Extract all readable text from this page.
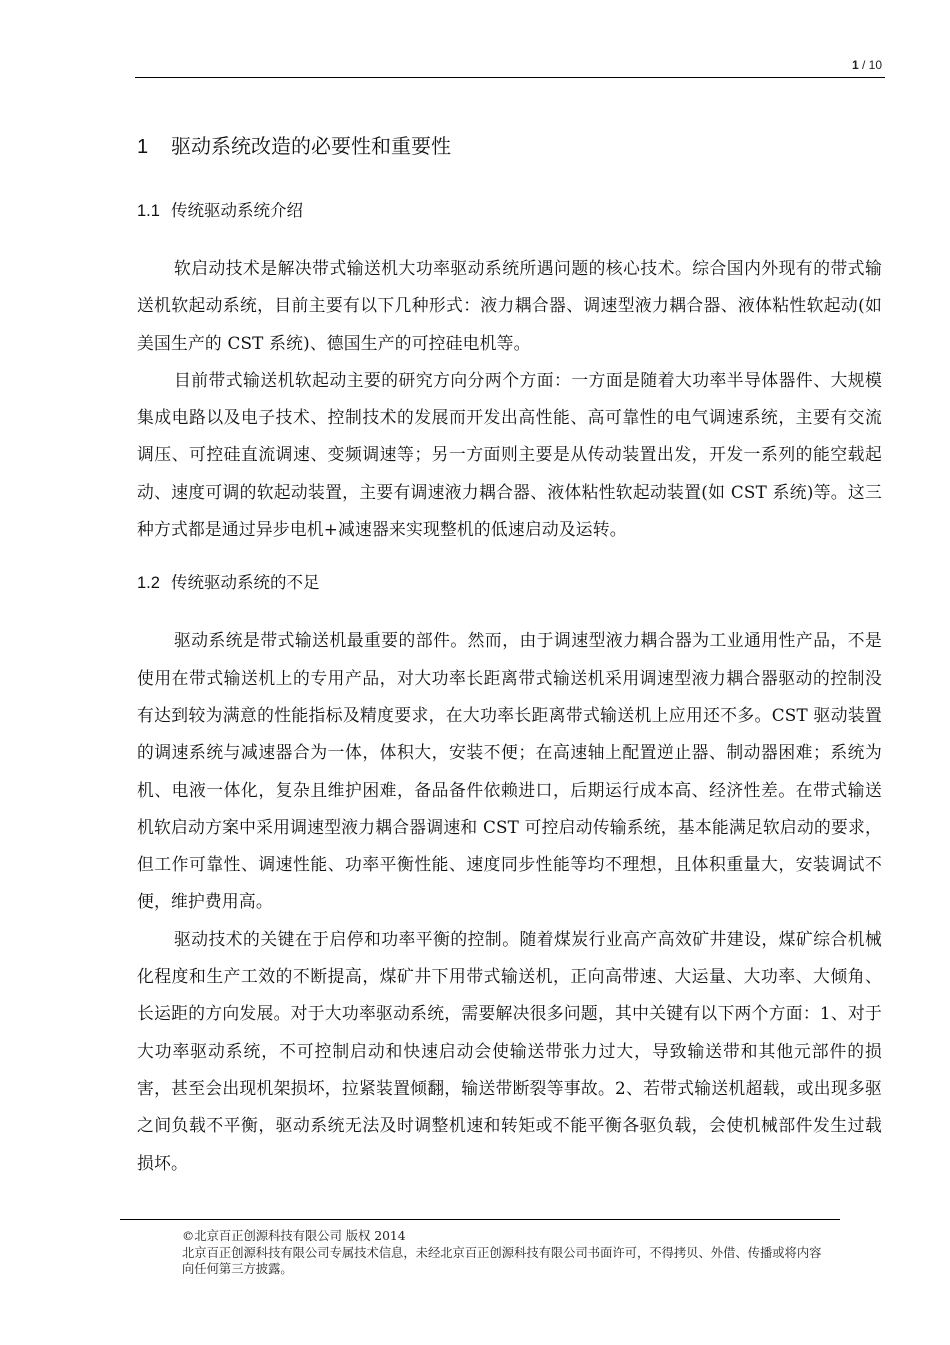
1 / 10
1 驱动系统改造的必要性和重要性
1.1 传统驱动系统介绍

软启动技术是解决带式输送机大功率驱动系统所遇问题的核心技术。综合国内外现有的带式输送机软起动系统，目前主要有以下几种形式：液力耦合器、调速型液力耦合器、液体粘性软起动(如美国生产的 CST 系统)、德国生产的可控硅电机等。

目前带式输送机软起动主要的研究方向分两个方面：一方面是随着大功率半导体器件、大规模集成电路以及电子技术、控制技术的发展而开发出高性能、高可靠性的电气调速系统，主要有交流调压、可控硅直流调速、变频调速等；另一方面则主要是从传动装置出发，开发一系列的能空载起动、速度可调的软起动装置，主要有调速液力耦合器、液体粘性软起动装置(如 CST 系统)等。这三种方式都是通过异步电机+减速器来实现整机的低速启动及运转。

1.2 传统驱动系统的不足

驱动系统是带式输送机最重要的部件。然而，由于调速型液力耦合器为工业通用性产品，不是使用在带式输送机上的专用产品，对大功率长距离带式输送机采用调速型液力耦合器驱动的控制没有达到较为满意的性能指标及精度要求，在大功率长距离带式输送机上应用还不多。CST 驱动装置的调速系统与减速器合为一体，体积大，安装不便；在高速轴上配置逆止器、制动器困难；系统为机、电液一体化，复杂且维护困难，备品备件依赖进口，后期运行成本高、经济性差。在带式输送机软启动方案中采用调速型液力耦合器调速和 CST 可控启动传输系统，基本能满足软启动的要求，但工作可靠性、调速性能、功率平衡性能、速度同步性能等均不理想，且体积重量大，安装调试不便，维护费用高。

驱动技术的关键在于启停和功率平衡的控制。随着煤炭行业高产高效矿井建设，煤矿综合机械化程度和生产工效的不断提高，煤矿井下用带式输送机，正向高带速、大运量、大功率、大倾角、长运距的方向发展。对于大功率驱动系统，需要解决很多问题，其中关键有以下两个方面：1、对于大功率驱动系统，不可控制启动和快速启动会使输送带张力过大，导致输送带和其他元部件的损害，甚至会出现机架损坏，拉紧装置倾翻，输送带断裂等事故。2、若带式输送机超载，或出现多驱之间负载不平衡，驱动系统无法及时调整机速和转矩或不能平衡各驱负载，会使机械部件发生过载损坏。

©北京百正创源科技有限公司 版权 2014
北京百正创源科技有限公司专属技术信息，未经北京百正创源科技有限公司书面许可，不得拷贝、外借、传播或将内容向任何第三方披露。
